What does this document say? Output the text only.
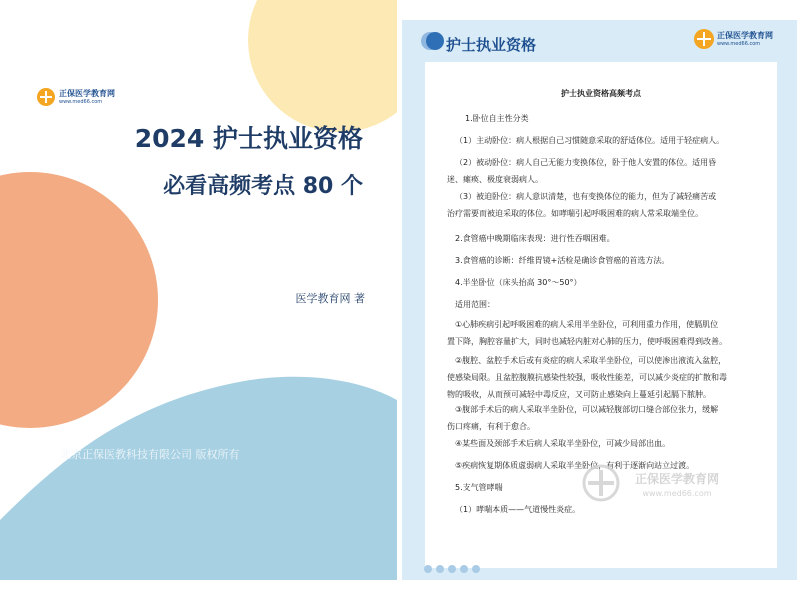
正保医学教育网
www.med66.com
2024 护士执业资格
必看高频考点 80 个
医学教育网 著
北京正保医教科技有限公司 版权所有
护士执业资格
正保医学教育网
www.med66.com
护士执业资格高频考点
1.卧位自主性分类
（1）主动卧位：病人根据自己习惯随意采取的舒适体位。适用于轻症病人。
（2）被动卧位：病人自己无能力变换体位，卧于他人安置的体位。适用昏
迷、瘫痪、极度衰弱病人。
（3）被迫卧位：病人意识清楚，也有变换体位的能力，但为了减轻痛苦或
治疗需要而被迫采取的体位。如哮喘引起呼吸困难的病人常采取端坐位。
2.食管癌中晚期临床表现：进行性吞咽困难。
3.食管癌的诊断：纤维胃镜+活检是确诊食管癌的首选方法。
4.半坐卧位（床头抬高 30°～50°）
适用范围：
①心肺疾病引起呼吸困难的病人采用半坐卧位，可利用重力作用，使膈肌位
置下降，胸腔容量扩大，同时也减轻内脏对心肺的压力，使呼吸困难得到改善。
②腹腔、盆腔手术后或有炎症的病人采取半坐卧位，可以使渗出液流入盆腔，
使感染局限。且盆腔腹膜抗感染性较强，吸收性能差，可以减少炎症的扩散和毒
物的吸收，从而预可减轻中毒反应，又可防止感染向上蔓延引起膈下脓肿。
③腹部手术后的病人采取半坐卧位，可以减轻腹部切口缝合部位张力，缓解
伤口疼痛，有利于愈合。
④某些面及颈部手术后病人采取半坐卧位，可减少局部出血。
⑤疾病恢复期体质虚弱病人采取半坐卧位，有利于逐渐向站立过渡。
5.支气管哮喘
（1）哮喘本质——气道慢性炎症。
正保医学教育网
www.med66.com
